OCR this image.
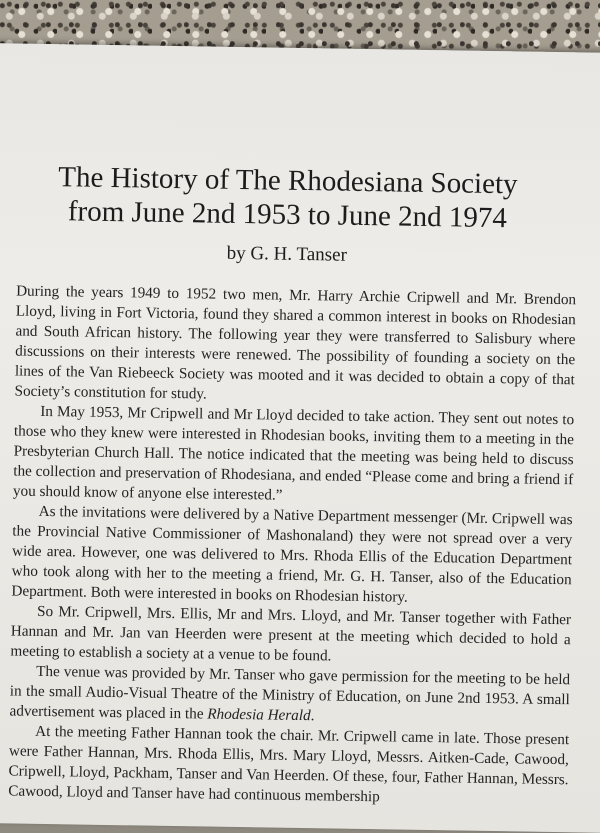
The History of The Rhodesiana Society
from June 2nd 1953 to June 2nd 1974
by G. H. Tanser

During the years 1949 to 1952 two men, Mr. Harry Archie Cripwell and Mr. Brendon Lloyd, living in Fort Victoria, found they shared a common interest in books on Rhodesian and South African history. The following year they were transferred to Salisbury where discussions on their interests were renewed. The possibility of founding a society on the lines of the Van Riebeeck Society was mooted and it was decided to obtain a copy of that Society’s constitution for study.

In May 1953, Mr Cripwell and Mr Lloyd decided to take action. They sent out notes to those who they knew were interested in Rhodesian books, inviting them to a meeting in the Presbyterian Church Hall. The notice indicated that the meeting was being held to discuss the collection and preservation of Rhodesiana, and ended “Please come and bring a friend if you should know of anyone else interested.”

As the invitations were delivered by a Native Department messenger (Mr. Cripwell was the Provincial Native Commissioner of Mashonaland) they were not spread over a very wide area. However, one was delivered to Mrs. Rhoda Ellis of the Education Department who took along with her to the meeting a friend, Mr. G. H. Tanser, also of the Education Department. Both were interested in books on Rhodesian history.

So Mr. Cripwell, Mrs. Ellis, Mr and Mrs. Lloyd, and Mr. Tanser together with Father Hannan and Mr. Jan van Heerden were present at the meeting which decided to hold a meeting to establish a society at a venue to be found.

The venue was provided by Mr. Tanser who gave permission for the meeting to be held in the small Audio-Visual Theatre of the Ministry of Education, on June 2nd 1953. A small advertisement was placed in the Rhodesia Herald.

At the meeting Father Hannan took the chair. Mr. Cripwell came in late. Those present were Father Hannan, Mrs. Rhoda Ellis, Mrs. Mary Lloyd, Messrs. Aitken-Cade, Cawood, Cripwell, Lloyd, Packham, Tanser and Van Heerden. Of these, four, Father Hannan, Messrs. Cawood, Lloyd and Tanser have had continuous membership
